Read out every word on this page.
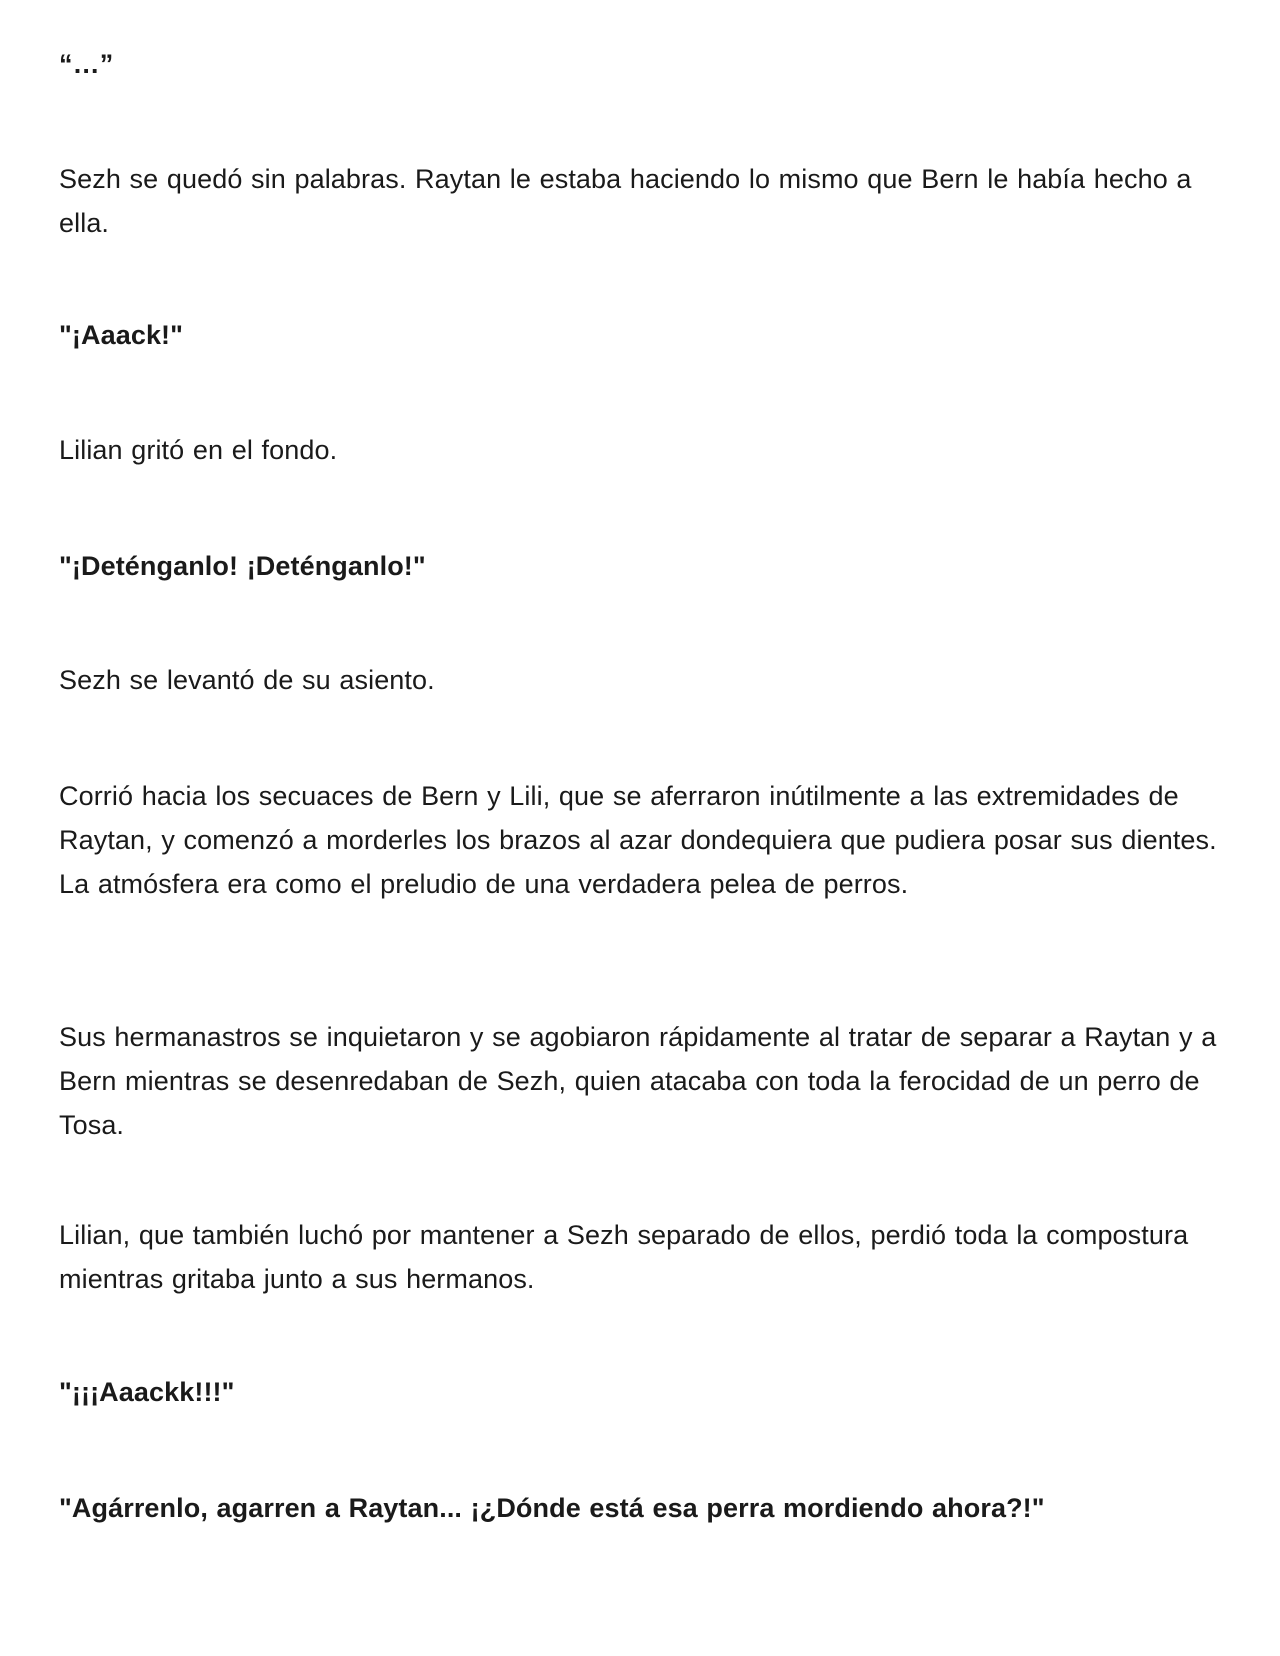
“…”

Sezh se quedó sin palabras. Raytan le estaba haciendo lo mismo que Bern le había hecho a ella.

"¡Aaack!"

Lilian gritó en el fondo.

"¡Deténganlo! ¡Deténganlo!"

Sezh se levantó de su asiento.

Corrió hacia los secuaces de Bern y Lili, que se aferraron inútilmente a las extremidades de Raytan, y comenzó a morderles los brazos al azar dondequiera que pudiera posar sus dientes. La atmósfera era como el preludio de una verdadera pelea de perros.

Sus hermanastros se inquietaron y se agobiaron rápidamente al tratar de separar a Raytan y a Bern mientras se desenredaban de Sezh, quien atacaba con toda la ferocidad de un perro de Tosa.

Lilian, que también luchó por mantener a Sezh separado de ellos, perdió toda la compostura mientras gritaba junto a sus hermanos.

"¡¡¡Aaackk!!!"

"Agárrenlo, agarren a Raytan... ¡¿Dónde está esa perra mordiendo ahora?!"
